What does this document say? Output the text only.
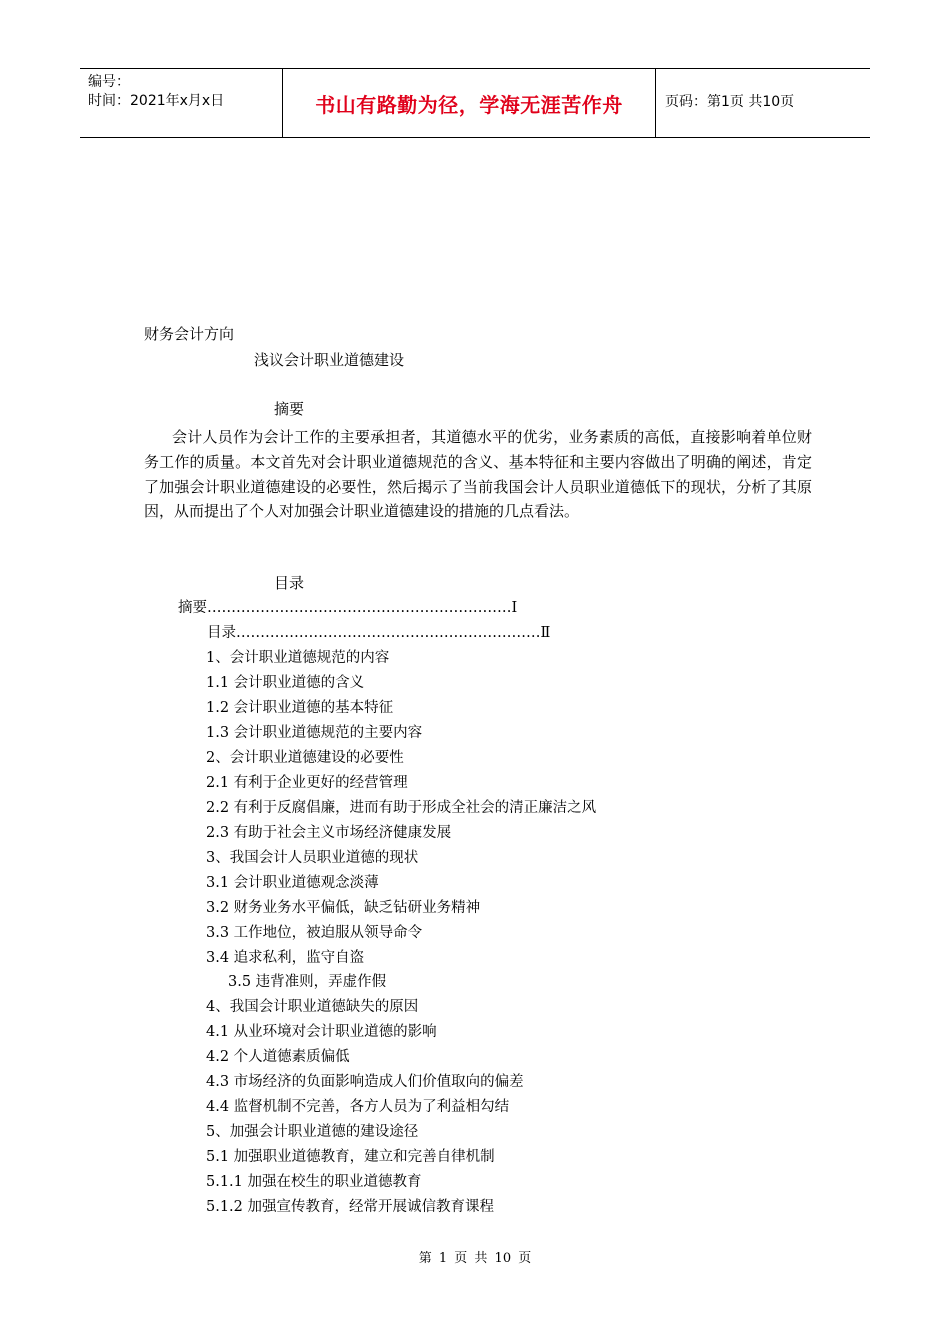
编号：
时间：2021年x月x日	书山有路勤为径，学海无涯苦作舟	页码：第1页 共10页
财务会计方向
浅议会计职业道德建设
摘要
会计人员作为会计工作的主要承担者，其道德水平的优劣，业务素质的高低，直接影响着单位财务工作的质量。本文首先对会计职业道德规范的含义、基本特征和主要内容做出了明确的阐述，肯定了加强会计职业道德建设的必要性，然后揭示了当前我国会计人员职业道德低下的现状，分析了其原因，从而提出了个人对加强会计职业道德建设的措施的几点看法。
目录
摘要………………………………………………………Ⅰ
目录………………………………………………………Ⅱ
1、会计职业道德规范的内容
1.1 会计职业道德的含义
1.2 会计职业道德的基本特征
1.3 会计职业道德规范的主要内容
2、会计职业道德建设的必要性
2.1 有利于企业更好的经营管理
2.2 有利于反腐倡廉，进而有助于形成全社会的清正廉洁之风
2.3 有助于社会主义市场经济健康发展
3、我国会计人员职业道德的现状
3.1 会计职业道德观念淡薄
3.2 财务业务水平偏低，缺乏钻研业务精神
3.3 工作地位，被迫服从领导命令
3.4 追求私利，监守自盗
3.5 违背准则，弄虚作假
4、我国会计职业道德缺失的原因
4.1 从业环境对会计职业道德的影响
4.2 个人道德素质偏低
4.3 市场经济的负面影响造成人们价值取向的偏差
4.4 监督机制不完善，各方人员为了利益相勾结
5、加强会计职业道德的建设途径
5.1 加强职业道德教育，建立和完善自律机制
5.1.1 加强在校生的职业道德教育
5.1.2 加强宣传教育，经常开展诚信教育课程
第 1 页 共 10 页
